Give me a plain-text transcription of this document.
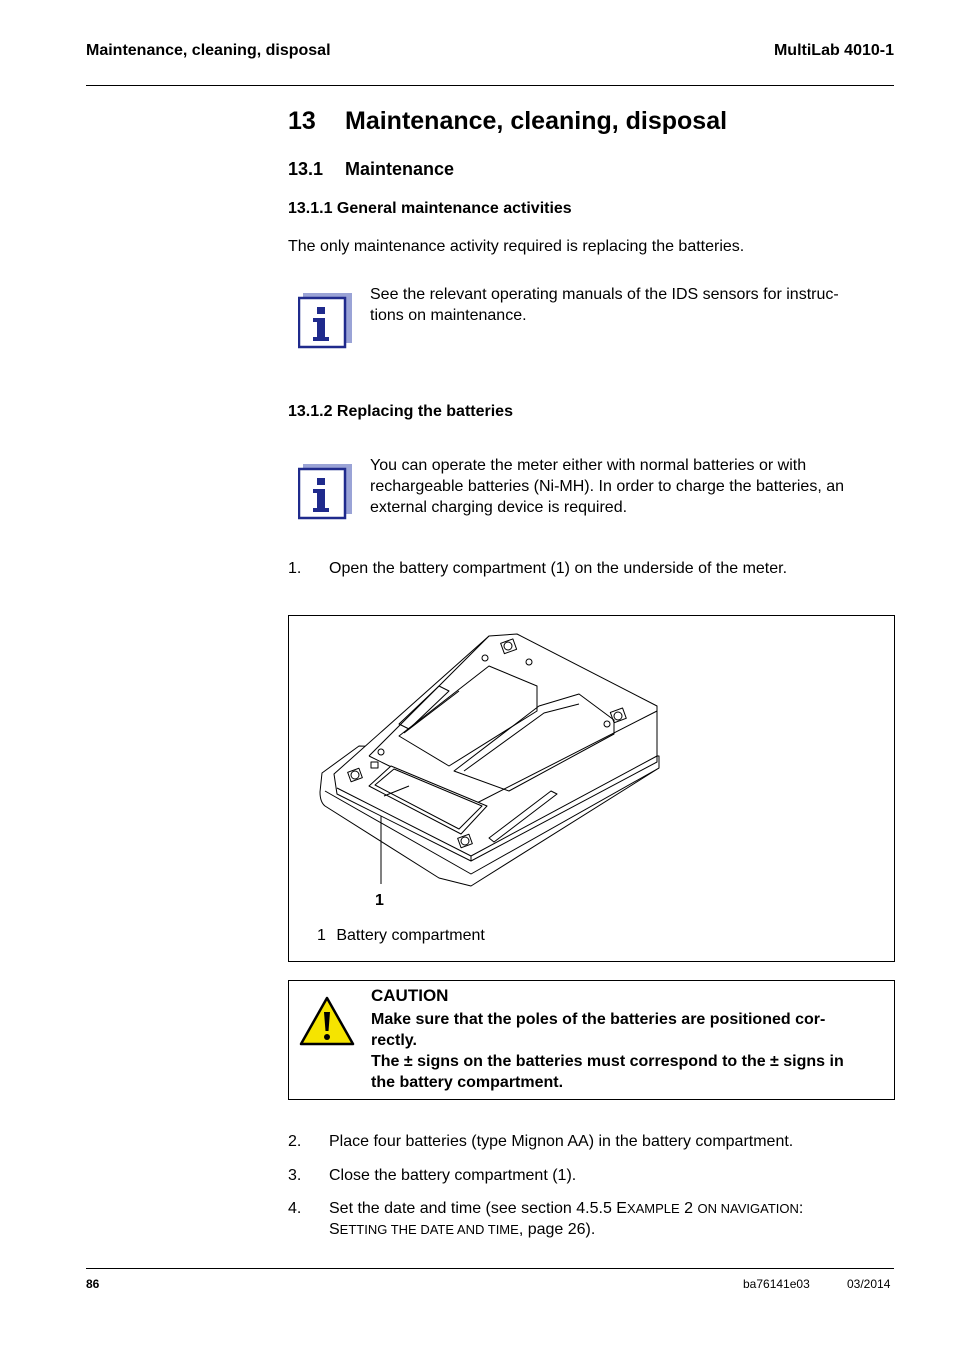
Maintenance, cleaning, disposal	MultiLab 4010-1
13 Maintenance, cleaning, disposal
13.1 Maintenance
13.1.1 General maintenance activities
The only maintenance activity required is replacing the batteries.
See the relevant operating manuals of the IDS sensors for instruc-
tions on maintenance.
13.1.2 Replacing the batteries
You can operate the meter either with normal batteries or with
rechargeable batteries (Ni-MH). In order to charge the batteries, an
external charging device is required.
1. Open the battery compartment (1) on the underside of the meter.
1
1 Battery compartment
CAUTION
Make sure that the poles of the batteries are positioned cor-
rectly.
The ± signs on the batteries must correspond to the ± signs in
the battery compartment.
2. Place four batteries (type Mignon AA) in the battery compartment.
3. Close the battery compartment (1).
4. Set the date and time (see section 4.5.5 EXAMPLE 2 ON NAVIGATION:
SETTING THE DATE AND TIME, page 26).
86	ba76141e03	03/2014
